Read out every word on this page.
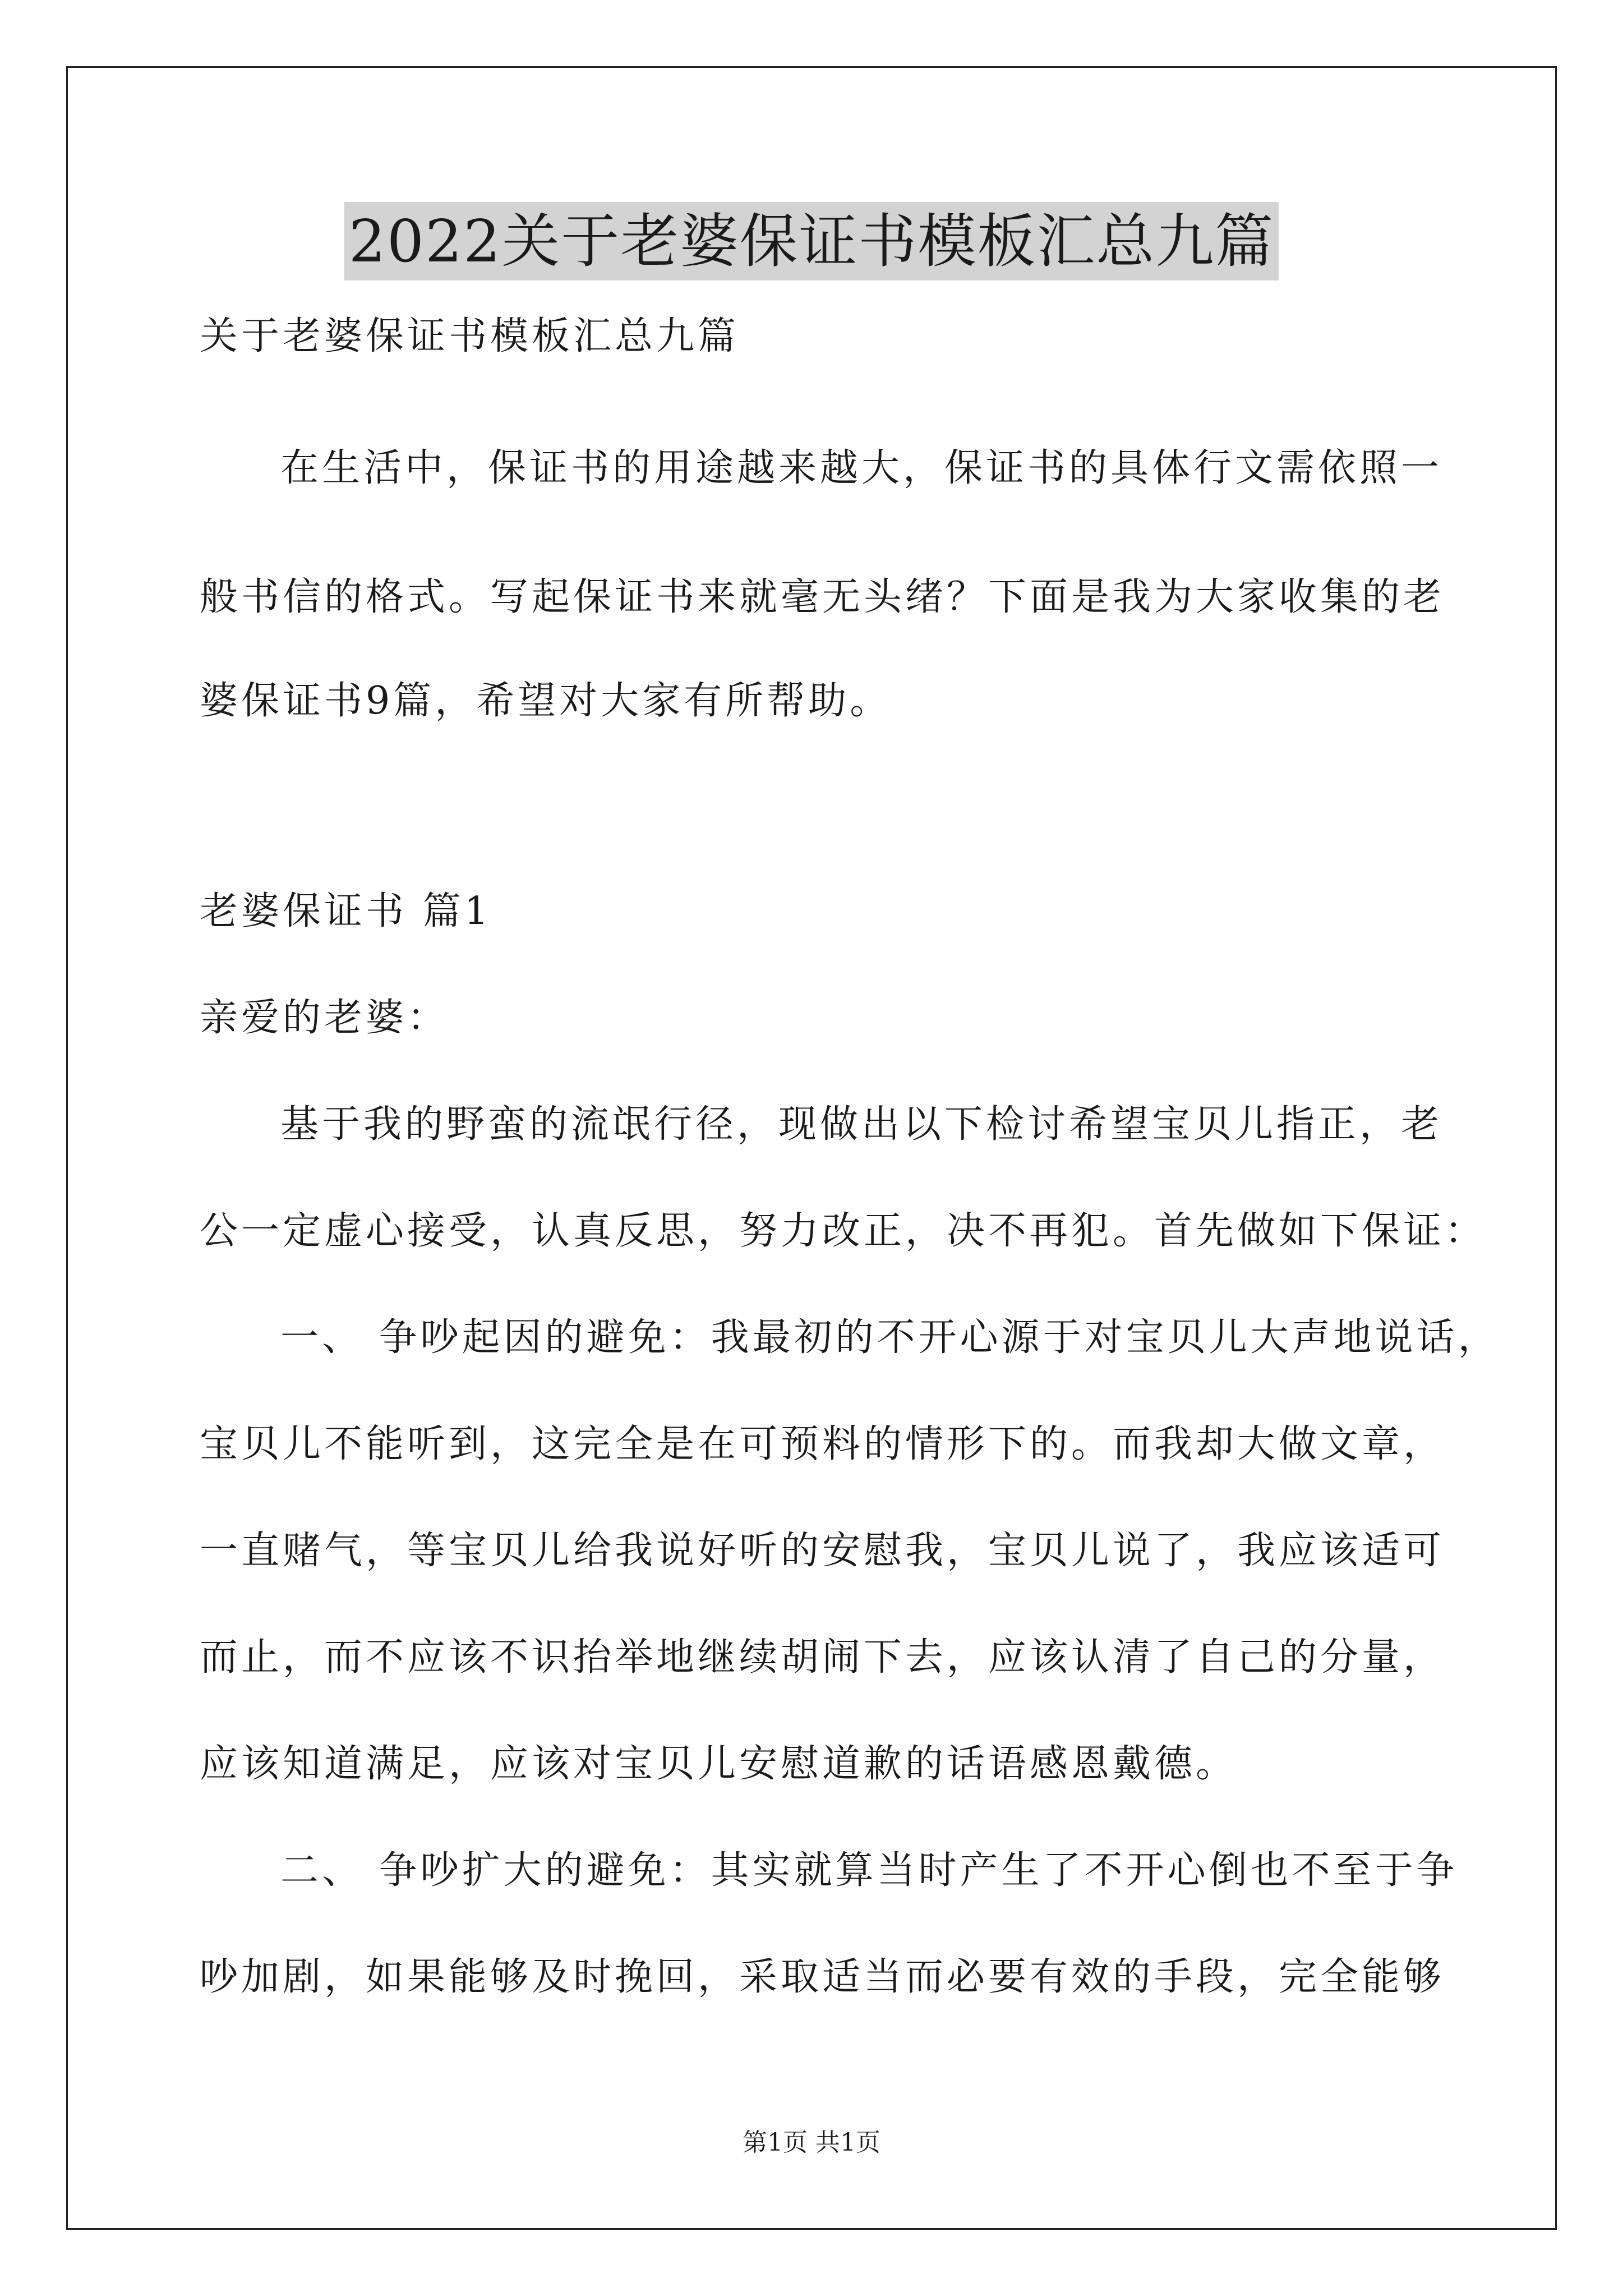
2022关于老婆保证书模板汇总九篇
关于老婆保证书模板汇总九篇
在生活中，保证书的用途越来越大，保证书的具体行文需依照一
般书信的格式。写起保证书来就毫无头绪？下面是我为大家收集的老
婆保证书9篇，希望对大家有所帮助。
老婆保证书 篇1
亲爱的老婆：
基于我的野蛮的流氓行径，现做出以下检讨希望宝贝儿指正，老
公一定虚心接受，认真反思，努力改正，决不再犯。首先做如下保证：
一、 争吵起因的避免：我最初的不开心源于对宝贝儿大声地说话，
宝贝儿不能听到，这完全是在可预料的情形下的。而我却大做文章，
一直赌气，等宝贝儿给我说好听的安慰我，宝贝儿说了，我应该适可
而止，而不应该不识抬举地继续胡闹下去，应该认清了自己的分量，
应该知道满足，应该对宝贝儿安慰道歉的话语感恩戴德。
二、 争吵扩大的避免：其实就算当时产生了不开心倒也不至于争
吵加剧，如果能够及时挽回，采取适当而必要有效的手段，完全能够
第1页 共1页
